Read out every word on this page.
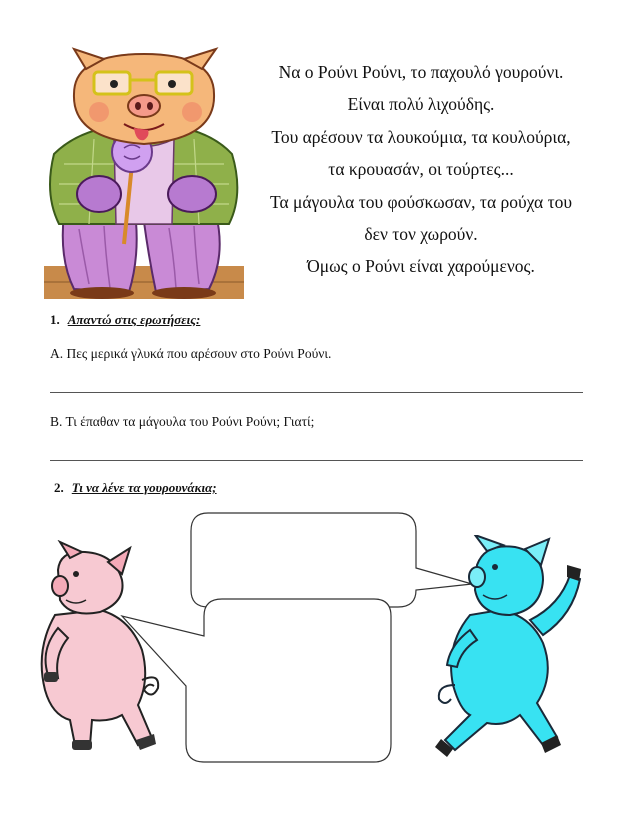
Να ο Ρούνι Ρούνι, το παχουλό γουρούνι.
Είναι πολύ λιχούδης.
Του αρέσουν τα λουκούμια, τα κουλούρια,
τα κρουασάν, οι τούρτες...
Τα μάγουλα του φούσκωσαν, τα ρούχα του
δεν τον χωρούν.
Όμως ο Ρούνι είναι χαρούμενος.
1. Απαντώ στις ερωτήσεις:
Α. Πες μερικά γλυκά που αρέσουν στο Ρούνι Ρούνι.
Β. Τι έπαθαν τα μάγουλα του Ρούνι Ρούνι; Γιατί;
2. Τι να λένε τα γουρουνάκια;
